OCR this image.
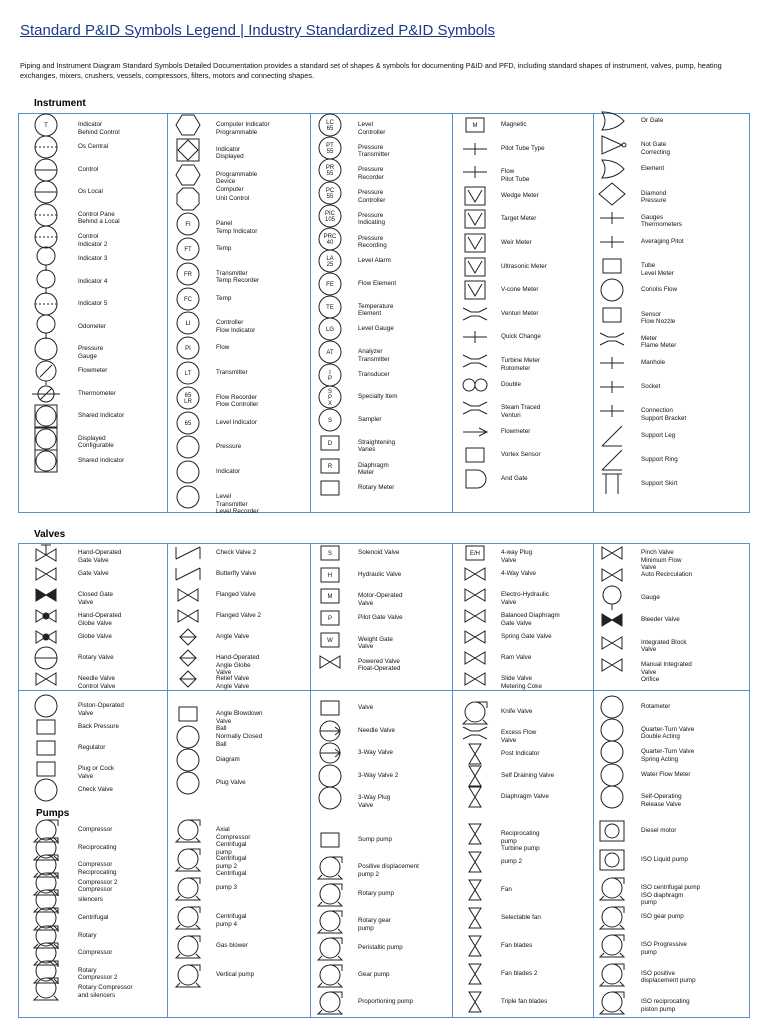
Standard P&ID Symbols Legend | Industry Standardized P&ID Symbols
Piping and Instrument Diagram Standard Symbols Detailed Documentation provides a standard set of shapes & symbols for documenting P&ID and PFD, including standard shapes of instrument, valves, pump, heating exchanges, mixers, crushers, vessels, compressors, filters, motors and connecting shapes.
Instrument
Valves
Pumps
Indicator
Behind Control
Os Central
Control
Os Local
Control Pane
Behind a Local
Control
Indicator 2
Indicator 3
Indicator 4
Indicator 5
Odometer
Pressure
Gauge
Flowmeter
Thermometer
Shared Indicator
Displayed
Configurable
Shared Indicator
Computer Indicator
Programmable
Indicator
Displayed
Programmable
Device
Computer
Unit Control
Panel
Temp Indicator
Temp
Transmitter
Temp Recorder
Temp
Controller
Flow Indicator
Flow
Transmitter
Flow Recorder
Flow Controller
Level Indicator
Pressure
Indicator
Level
Transmitter
Level Recorder
Level
Controller
Pressure
Transmitter
Pressure
Recorder
Pressure
Controller
Pressure
Indicating
Pressure
Recording
Level Alarm
Flow Element
Temperature
Element
Level Gauge
Analyzer
Transmitter
Transducer
Specialty Item
Sampler
Straightening
Vanes
Diaphragm
Meter
Rotary Meter
Magnetic
Pitot Tube Type
Flow
Pitot Tube
Wedge Meter
Target Meter
Weir Meter
Ultrasonic Meter
V-cone Meter
Venturi Meter
Quick Change
Turbine Meter
Rotometer
Double
Steam Traced
Venturi
Flowmeter
Vortex Sensor
And Gate
Or Gate
Not Gate
Correcting
Element
Diamond
Pressure
Gauges
Thermometers
Averaging Pitot
Tube
Level Meter
Coriolis Flow
Sensor
Flow Nozzle
Meter
Flame Meter
Manhole
Socket
Connection
Support Bracket
Support Leg
Support Ring
Support Skirt
Hand-Operated
Gate Valve
Gate Valve
Closed Gate
Valve
Hand-Operated
Globe Valve
Globe Valve
Rotary Valve
Needle Valve
Control Valve
Check Valve 2
Butterfly Valve
Flanged Valve
Flanged Valve 2
Angle Valve
Hand-Operated
Angle Globe
Valve
Relief Valve
Angle Valve
Solenoid Valve
Hydraulic Valve
Motor-Operated
Valve
Pilot Gate Valve
Weight Gate
Valve
Powered Valve
Float-Operated
4-way Plug
Valve
4-Way Valve
Electro-Hydraulic
Valve
Balanced Diaphragm
Gate Valve
Spring Gate Valve
Ram Valve
Slide Valve
Metering Coke
Pinch Valve
Minimum Flow
Valve
Auto Recirculation
Gauge
Bleeder Valve
Integrated Block
Valve
Manual Integrated
Valve
Orifice
Piston-Operated
Valve
Back Pressure
Regulator
Plug or Cock
Valve
Check Valve
Angle Blowdown
Valve
Ball
Normally Closed
Ball
Diagram
Plug Valve
Valve
Needle Valve
3-Way Valve
3-Way Valve 2
3-Way Plug
Valve
Knife Valve
Excess Flow
Valve
Post Indicator
Self Draining Valve
Diaphragm Valve
Rotameter
Quarter-Turn Valve
Double Acting
Quarter-Turn Valve
Spring Acting
Water Flow Meter
Self-Operating
Release Valve
Compressor
Reciprocating
Compressor
Reciprocating
Compressor 2
Compressor
silencers
Centrifugal
Rotary
Compressor
Rotary
Compressor 2
Rotary Compressor
and silencers
Axial
Compressor
Centrifugal
pump
Centrifugal
pump 2
Centrifugal
pump 3
Centrifugal
pump 4
Gas blower
Vertical pump
Sump pump
Positive displacement
pump 2
Rotary pump
Rotary gear
pump
Peristaltic pump
Gear pump
Proportioning pump
Reciprocating
pump
Turbine pump
pump 2
Fan
Selectable fan
Fan blades
Fan blades 2
Triple fan blades
Diesel motor
ISO Liquid pump
ISO centrifugal pump
ISO diaphragm
pump
ISO gear pump
ISO Progressive
pump
ISO positive
displacement pump
ISO reciprocating
piston pump
T
FI
FT
FR
FC
LI
PI
LT
65
LR
65
LC
65
PT
55
PR
55
PC
55
PIC
105
PRC
40
LA
25
FE
TE
LG
AT
I
P
S
P
X
S
D
R
M
S
H
M
P
W
E/H
